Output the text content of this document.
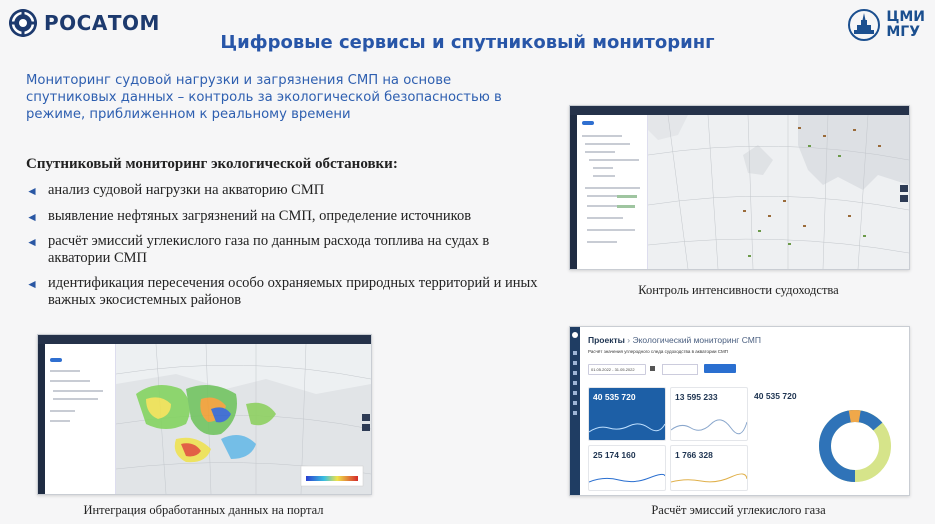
РОСАТОМ	ЦМИ
МГУ
Цифровые сервисы и спутниковый мониторинг
Мониторинг судовой нагрузки и загрязнения СМП на основе спутниковых данных – контроль за экологической безопасностью в режиме, приближенном к реальному времени
Спутниковый мониторинг экологической обстановки:
◄ анализ судовой нагрузки на акваторию СМП
◄ выявление нефтяных загрязнений на СМП, определение источников
◄ расчёт эмиссий углекислого газа по данным расхода топлива на судах в акватории СМП
◄ идентификация пересечения особо охраняемых природных территорий и иных важных экосистемных районов
Контроль интенсивности судоходства
Интеграция обработанных данных на портал
Проекты › Экологический мониторинг СМП
Расчёт значения углеродного следа судоходства в акватории СМП
01.05.2022 - 31.05.2022
40 535 720	13 595 233	40 535 720
25 174 160	1 766 328
Расчёт эмиссий углекислого газа
